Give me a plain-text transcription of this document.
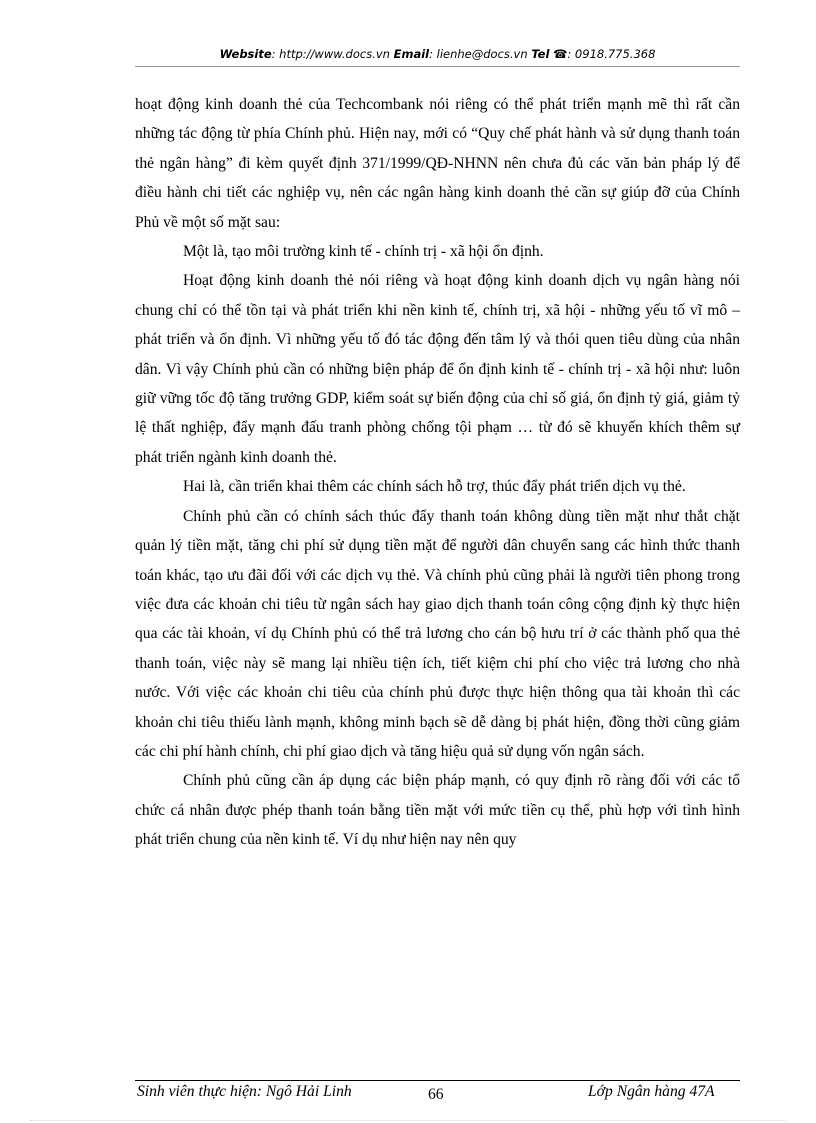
Website: http://www.docs.vn Email: lienhe@docs.vn Tel ☎: 0918.775.368

hoạt động kinh doanh thẻ của Techcombank nói riêng có thể phát triển mạnh mẽ thì rất cần những tác động từ phía Chính phủ. Hiện nay, mới có “Quy chế phát hành và sử dụng thanh toán thẻ ngân hàng” đi kèm quyết định 371/1999/QĐ-NHNN nên chưa đủ các văn bản pháp lý để điều hành chi tiết các nghiệp vụ, nên các ngân hàng kinh doanh thẻ cần sự giúp đỡ của Chính Phủ về một số mặt sau:

Một là, tạo môi trường kinh tế - chính trị - xã hội ổn định.

Hoạt động kinh doanh thẻ nói riêng và hoạt động kinh doanh dịch vụ ngân hàng nói chung chỉ có thể tồn tại và phát triển khi nền kinh tế, chính trị, xã hội - những yếu tố vĩ mô – phát triển và ổn định. Vì những yếu tố đó tác động đến tâm lý và thói quen tiêu dùng của nhân dân. Vì vậy Chính phủ cần có những biện pháp để ổn định kinh tế - chính trị - xã hội như: luôn giữ vững tốc độ tăng trưởng GDP, kiểm soát sự biến động của chỉ số giá, ổn định tỷ giá, giảm tỷ lệ thất nghiệp, đẩy mạnh đấu tranh phòng chống tội phạm … từ đó sẽ khuyến khích thêm sự phát triển ngành kinh doanh thẻ.

Hai là, cần triển khai thêm các chính sách hỗ trợ, thúc đẩy phát triển dịch vụ thẻ.

Chính phủ cần có chính sách thúc đẩy thanh toán không dùng tiền mặt như thắt chặt quản lý tiền mặt, tăng chi phí sử dụng tiền mặt để người dân chuyển sang các hình thức thanh toán khác, tạo ưu đãi đối với các dịch vụ thẻ. Và chính phủ cũng phải là người tiên phong trong việc đưa các khoản chi tiêu từ ngân sách hay giao dịch thanh toán công cộng định kỳ thực hiện qua các tài khoản, ví dụ Chính phủ có thể trả lương cho cán bộ hưu trí ở các thành phố qua thẻ thanh toán, việc này sẽ mang lại nhiều tiện ích, tiết kiệm chi phí cho việc trả lương cho nhà nước. Với việc các khoản chi tiêu của chính phủ được thực hiện thông qua tài khoản thì các khoản chi tiêu thiếu lành mạnh, không minh bạch sẽ dễ dàng bị phát hiện, đồng thời cũng giảm các chi phí hành chính, chi phí giao dịch và tăng hiệu quả sử dụng vốn ngân sách.

Chính phủ cũng cần áp dụng các biện pháp mạnh, có quy định rõ ràng đối với các tổ chức cá nhân được phép thanh toán bằng tiền mặt với mức tiền cụ thể, phù hợp với tình hình phát triển chung của nền kinh tế. Ví dụ như hiện nay nên quy

Sinh viên thực hiện: Ngô Hải Linh	66	Lớp Ngân hàng 47A
